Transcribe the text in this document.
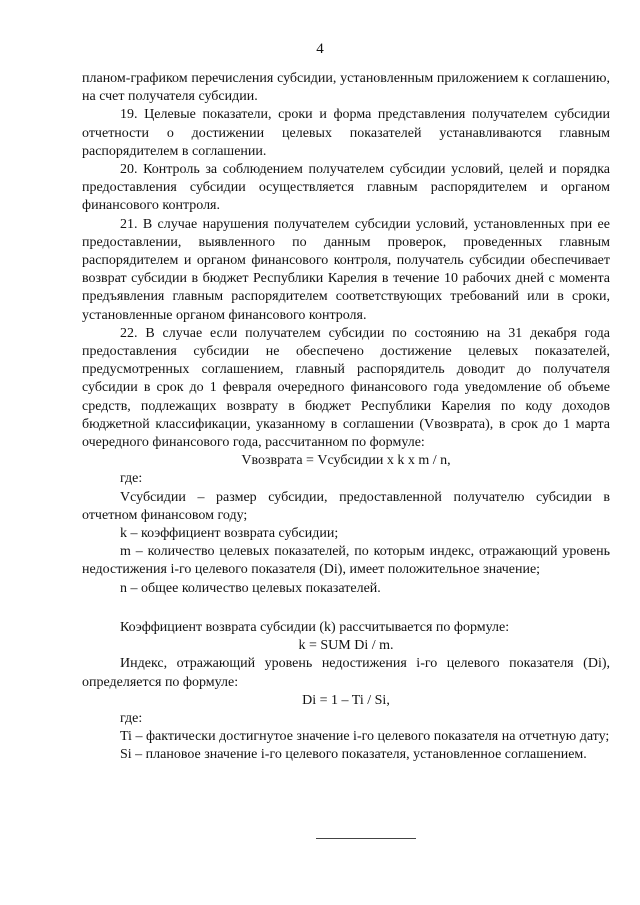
4

планом-графиком перечисления субсидии, установленным приложением к соглашению, на счет получателя субсидии.

19. Целевые показатели, сроки и форма представления получателем субсидии отчетности о достижении целевых показателей устанавливаются главным распорядителем в соглашении.

20. Контроль за соблюдением получателем субсидии условий, целей и порядка предоставления субсидии осуществляется главным распорядителем и органом финансового контроля.

21. В случае нарушения получателем субсидии условий, установленных при ее предоставлении, выявленного по данным проверок, проведенных главным распорядителем и органом финансового контроля, получатель субсидии обеспечивает возврат субсидии в бюджет Республики Карелия в течение 10 рабочих дней с момента предъявления главным распорядителем соответствующих требований или в сроки, установленные органом финансового контроля.

22. В случае если получателем субсидии по состоянию на 31 декабря года предоставления субсидии не обеспечено достижение целевых показателей, предусмотренных соглашением, главный распорядитель доводит до получателя субсидии в срок до 1 февраля очередного финансового года уведомление об объеме средств, подлежащих возврату в бюджет Республики Карелия по коду доходов бюджетной классификации, указанному в соглашении (Vвозврата), в срок до 1 марта очередного финансового года, рассчитанном по формуле:

Vвозврата = Vсубсидии x k x m / n,

где:

Vсубсидии – размер субсидии, предоставленной получателю субсидии в отчетном финансовом году;

k – коэффициент возврата субсидии;

m – количество целевых показателей, по которым индекс, отражающий уровень недостижения i-го целевого показателя (Di), имеет положительное значение;

n – общее количество целевых показателей.

Коэффициент возврата субсидии (k) рассчитывается по формуле:

k = SUM Di / m.

Индекс, отражающий уровень недостижения i-го целевого показателя (Di), определяется по формуле:

Di = 1 – Ti / Si,

где:

Ti – фактически достигнутое значение i-го целевого показателя на отчетную дату;

Si – плановое значение i-го целевого показателя, установленное соглашением.
